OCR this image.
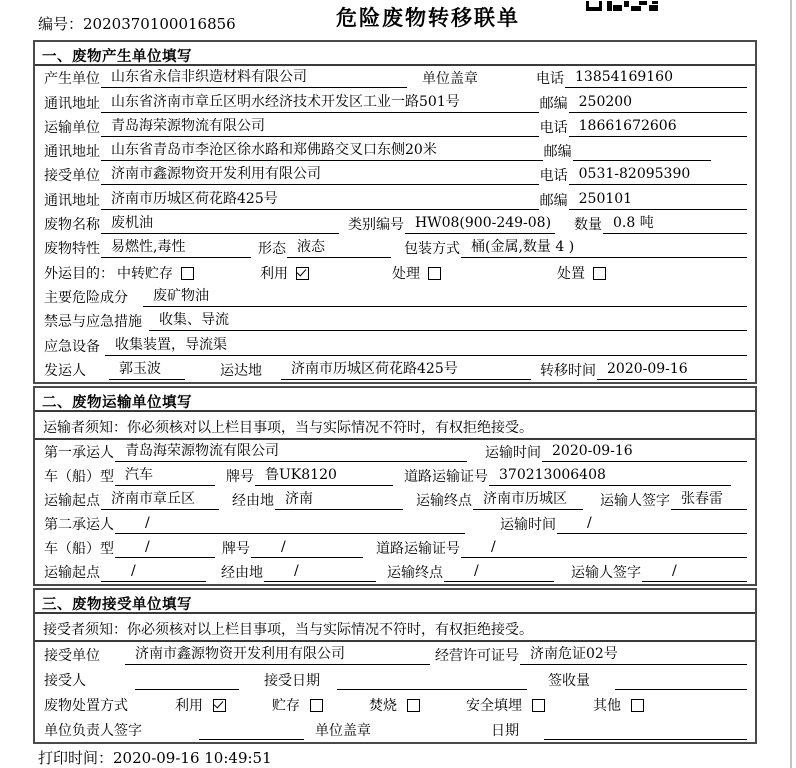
编号：2020370100016856	危险废物转移联单
一、废物产生单位填写
产生单位 山东省永信非织造材料有限公司	单位盖章	电话 13854169160
通讯地址 山东省济南市章丘区明水经济技术开发区工业一路501号	邮编 250200
运输单位 青岛海荣源物流有限公司	电话 18661672606
通讯地址 山东省青岛市李沧区徐水路和郑佛路交叉口东侧20米	邮编
接受单位 济南市鑫源物资开发利用有限公司	电话 0531-82095390
通讯地址 济南市历城区荷花路425号	邮编 250101
废物名称 废机油	类别编号 HW08(900-249-08) 数量 0.8 吨
废物特性 易燃性,毒性	形态 液态	包装方式 桶(金属,数量 4 )
外运目的： 中转贮存	利用	处理	处置
主要危险成分	废矿物油
禁忌与应急措施	收集、导流
应急设备	收集装置，导流渠
发运人	郭玉波	运达地	济南市历城区荷花路425号	转移时间 2020-09-16
二、废物运输单位填写
运输者须知：你必须核对以上栏目事项，当与实际情况不符时，有权拒绝接受。
第一承运人 青岛海荣源物流有限公司	运输时间 2020-09-16
车（船）型 汽车	牌号 鲁UK8120	道路运输证号 370213006408
运输起点 济南市章丘区	经由地 济南	运输终点 济南市历城区	运输人签字 张春雷
第二承运人	/	运输时间	/
车（船）型	/	牌号	/	道路运输证号	/
运输起点	/	经由地	/	运输终点	/	运输人签字	/
三、废物接受单位填写
接受者须知：你必须核对以上栏目事项，当与实际情况不符时，有权拒绝接受。
接受单位	济南市鑫源物资开发利用有限公司	经营许可证号 济南危证02号
接受人	接受日期	签收量
废物处置方式	利用	贮存	焚烧	安全填埋	其他
单位负责人签字	单位盖章	日期
打印时间：2020-09-16 10:49:51
